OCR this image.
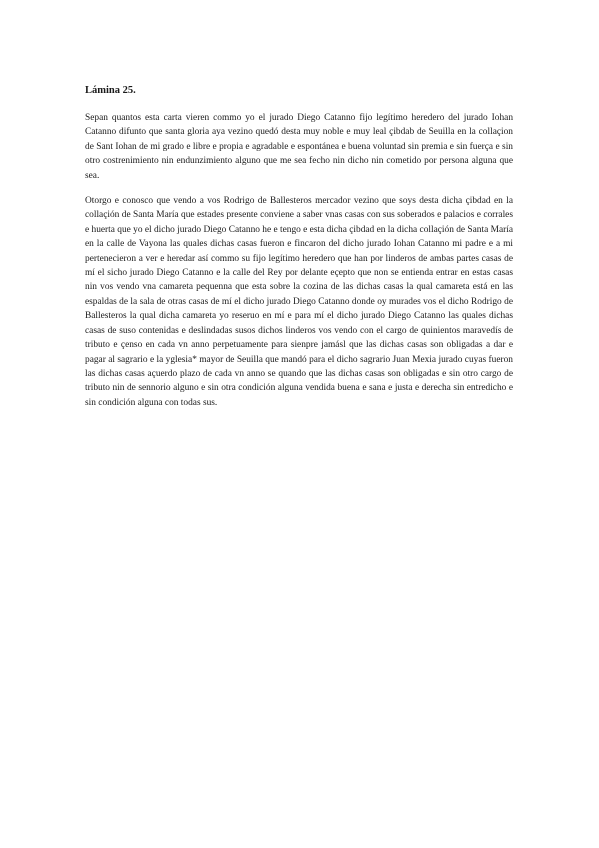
Lámina 25.

Sepan quantos esta carta vieren commo yo el jurado Diego Catanno fijo legítimo heredero del jurado Iohan Catanno difunto que santa gloria aya vezino quedó desta muy noble e muy leal çibdab de Seuilla en la collaçion de Sant Iohan de mi grado e libre e propia e agradable e espontánea e buena voluntad sin premia e sin fuerça e sin otro costrenimiento nin endunzimiento alguno que me sea fecho nin dicho nin cometido por persona alguna que sea.

Otorgo e conosco que vendo a vos Rodrigo de Ballesteros mercador vezino que soys desta dicha çibdad en la collaçión de Santa María que estades presente conviene a saber vnas casas con sus soberados e palacios e corrales e huerta que yo el dicho jurado Diego Catanno he e tengo e esta dicha çibdad en la dicha collaçión de Santa María en la calle de Vayona las quales dichas casas fueron e fincaron del dicho jurado Iohan Catanno mi padre e a mi pertenecieron a ver e heredar así commo su fijo legítimo heredero que han por linderos de ambas partes casas de mí el sicho jurado Diego Catanno e la calle del Rey por delante eçepto que non se entienda entrar en estas casas nin vos vendo vna camareta pequenna que esta sobre la cozina de las dichas casas la qual camareta está en las espaldas de la sala de otras casas de mí el dicho jurado Diego Catanno donde oy murades vos el dicho Rodrigo de Ballesteros la qual dicha camareta yo reseruo en mí e para mí el dicho jurado Diego Catanno las quales dichas casas de suso contenidas e deslindadas susos dichos linderos vos vendo con el cargo de quinientos maravedís de tributo e çenso en cada vn anno perpetuamente para sienpre jamásl que las dichas casas son obligadas a dar e pagar al sagrario e la yglesia* mayor de Seuilla que mandó para el dicho sagrario Juan Mexia jurado cuyas fueron las dichas casas açuerdo plazo de cada vn anno se quando que las dichas casas son obligadas e sin otro cargo de tributo nin de sennorio alguno e sin otra condición alguna vendida buena e sana e justa e derecha sin entredicho e sin condición alguna con todas sus.
